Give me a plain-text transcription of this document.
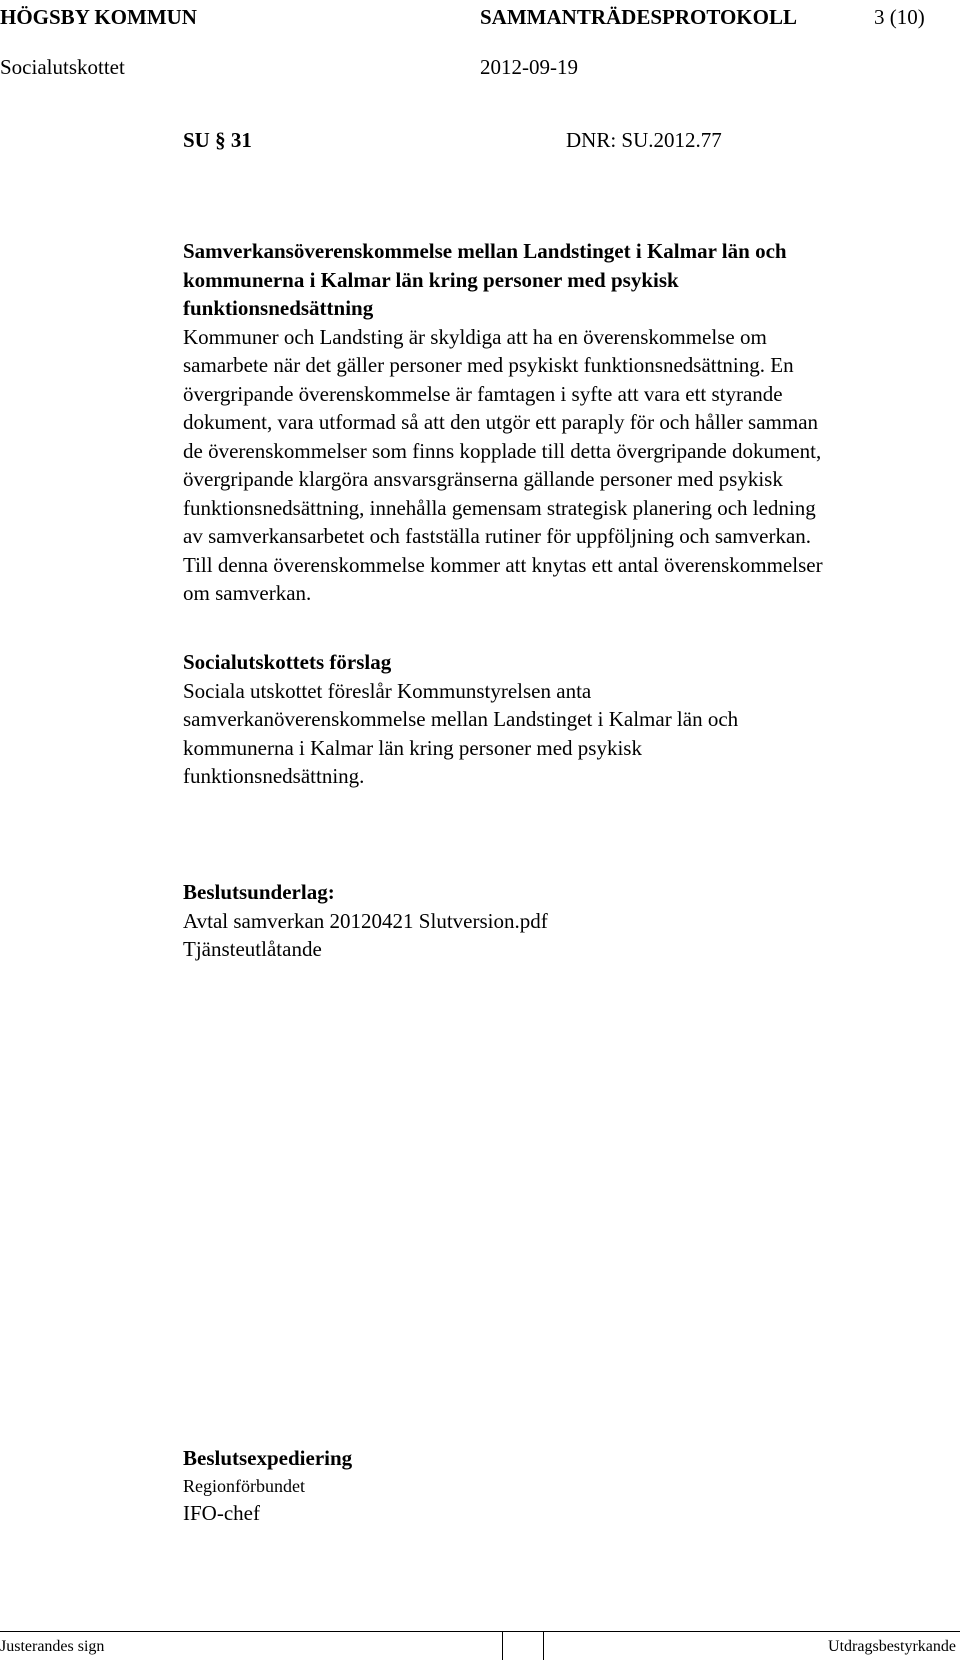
HÖGSBY KOMMUN	SAMMANTRÄDESPROTOKOLL	3 (10)
Socialutskottet	2012-09-19
SU § 31	DNR: SU.2012.77
Samverkansöverenskommelse mellan Landstinget i Kalmar län och
kommunerna i Kalmar län kring personer med psykisk
funktionsnedsättning

Kommuner och Landsting är skyldiga att ha en överenskommelse om
samarbete när det gäller personer med psykiskt funktionsnedsättning. En
övergripande överenskommelse är famtagen i syfte att vara ett styrande
dokument, vara utformad så att den utgör ett paraply för och håller samman
de överenskommelser som finns kopplade till detta övergripande dokument,
övergripande klargöra ansvarsgränserna gällande personer med psykisk
funktionsnedsättning, innehålla gemensam strategisk planering och ledning
av samverkansarbetet och fastställa rutiner för uppföljning och samverkan.
Till denna överenskommelse kommer att knytas ett antal överenskommelser
om samverkan.

Socialutskottets förslag

Sociala utskottet föreslår Kommunstyrelsen anta
samverkanöverenskommelse mellan Landstinget i Kalmar län och
kommunerna i Kalmar län kring personer med psykisk
funktionsnedsättning.

Beslutsunderlag:

Avtal samverkan 20120421 Slutversion.pdf

Tjänsteutlåtande

Beslutsexpediering

Regionförbundet

IFO-chef

Justerandes sign	Utdragsbestyrkande
